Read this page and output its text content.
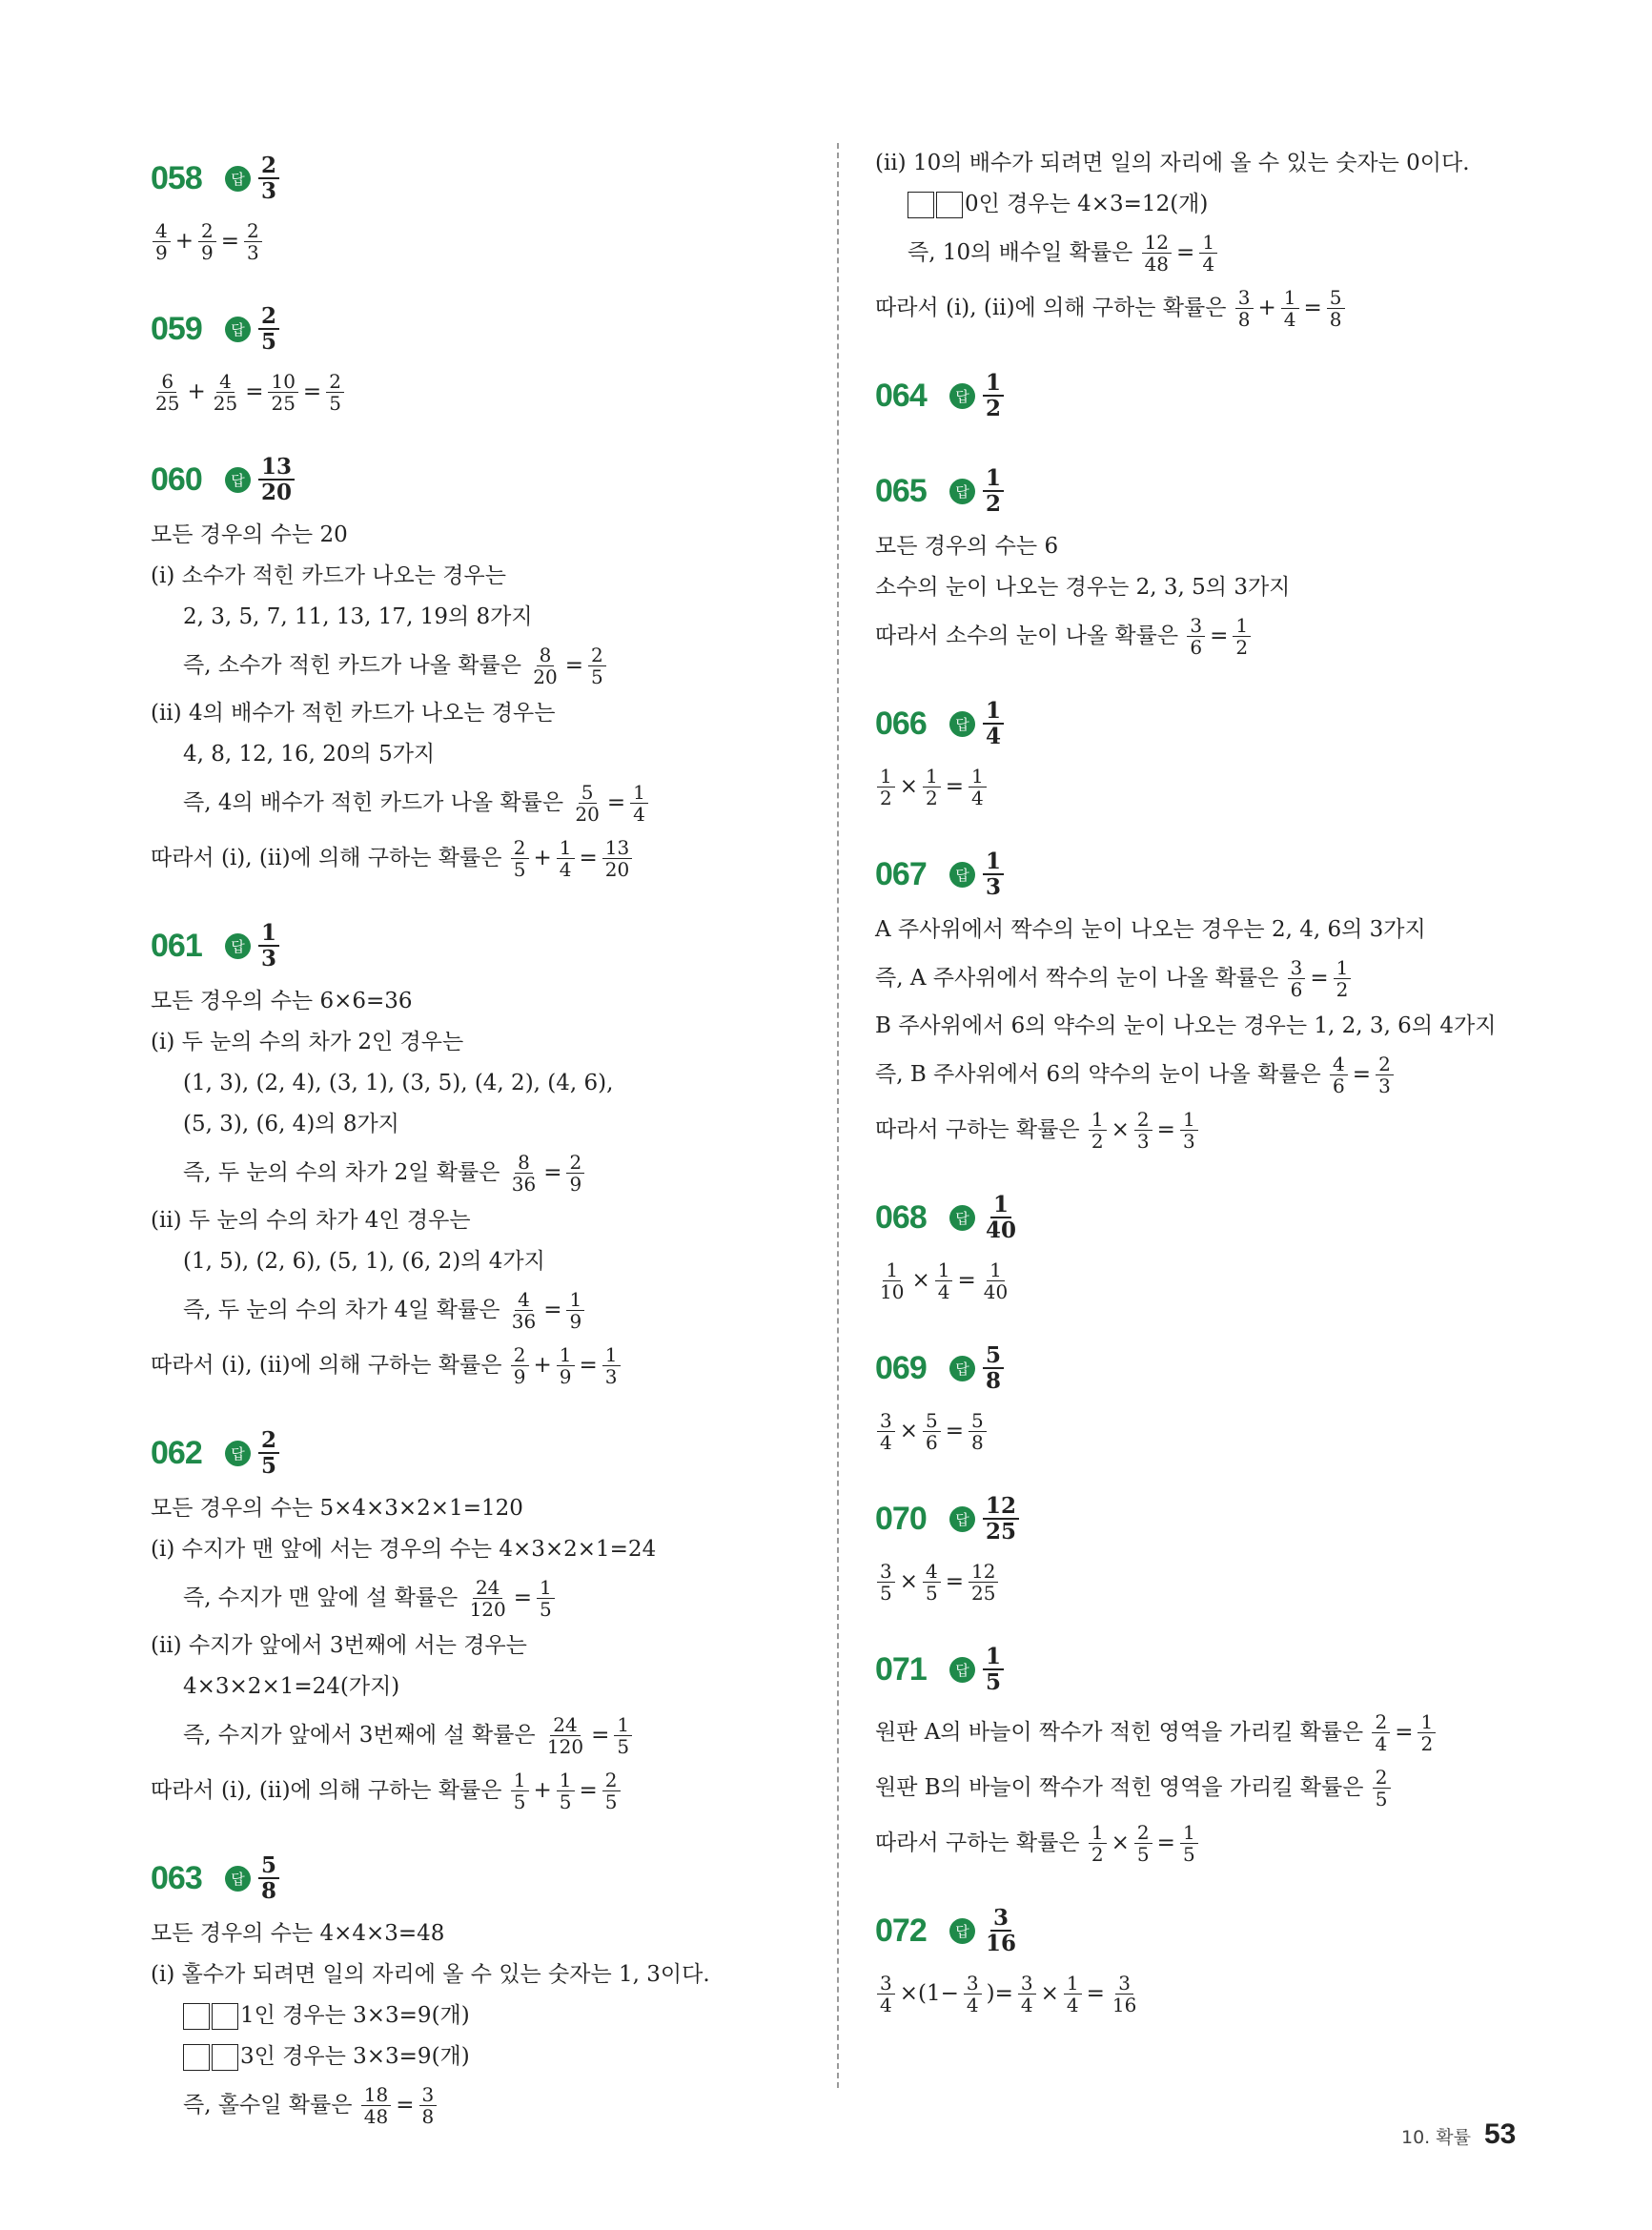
058	답 $\frac{2}{3}$
$\frac{4}{9} + \frac{2}{9} = \frac{2}{3}$
059	답 $\frac{2}{5}$
$\frac{6}{25} + \frac{4}{25} = \frac{10}{25} = \frac{2}{5}$
060	답 $\frac{13}{20}$
모든 경우의 수는 20
(ⅰ) 소수가 적힌 카드가 나오는 경우는
2, 3, 5, 7, 11, 13, 17, 19의 8가지
즉, 소수가 적힌 카드가 나올 확률은 $\frac{8}{20} = \frac{2}{5}$
(ⅱ) 4의 배수가 적힌 카드가 나오는 경우는
4, 8, 12, 16, 20의 5가지
즉, 4의 배수가 적힌 카드가 나올 확률은 $\frac{5}{20} = \frac{1}{4}$
따라서 (ⅰ), (ⅱ)에 의해 구하는 확률은 $\frac{2}{5} + \frac{1}{4} = \frac{13}{20}$
061	답 $\frac{1}{3}$
모든 경우의 수는 6×6=36
(ⅰ) 두 눈의 수의 차가 2인 경우는
(1, 3), (2, 4), (3, 1), (3, 5), (4, 2), (4, 6),
(5, 3), (6, 4)의 8가지
즉, 두 눈의 수의 차가 2일 확률은 $\frac{8}{36} = \frac{2}{9}$
(ⅱ) 두 눈의 수의 차가 4인 경우는
(1, 5), (2, 6), (5, 1), (6, 2)의 4가지
즉, 두 눈의 수의 차가 4일 확률은 $\frac{4}{36} = \frac{1}{9}$
따라서 (ⅰ), (ⅱ)에 의해 구하는 확률은 $\frac{2}{9} + \frac{1}{9} = \frac{1}{3}$
062	답 $\frac{2}{5}$
모든 경우의 수는 5×4×3×2×1=120
(ⅰ) 수지가 맨 앞에 서는 경우의 수는 4×3×2×1=24
즉, 수지가 맨 앞에 설 확률은 $\frac{24}{120} = \frac{1}{5}$
(ⅱ) 수지가 앞에서 3번째에 서는 경우는
4×3×2×1=24(가지)
즉, 수지가 앞에서 3번째에 설 확률은 $\frac{24}{120} = \frac{1}{5}$
따라서 (ⅰ), (ⅱ)에 의해 구하는 확률은 $\frac{1}{5} + \frac{1}{5} = \frac{2}{5}$
063	답 $\frac{5}{8}$
모든 경우의 수는 4×4×3=48
(ⅰ) 홀수가 되려면 일의 자리에 올 수 있는 숫자는 1, 3이다.
1인 경우는 3×3=9(개)
3인 경우는 3×3=9(개)
즉, 홀수일 확률은 $\frac{18}{48} = \frac{3}{8}$
(ⅱ) 10의 배수가 되려면 일의 자리에 올 수 있는 숫자는 0이다.
0인 경우는 4×3=12(개)
즉, 10의 배수일 확률은 $\frac{12}{48} = \frac{1}{4}$
따라서 (ⅰ), (ⅱ)에 의해 구하는 확률은 $\frac{3}{8} + \frac{1}{4} = \frac{5}{8}$
064	답 $\frac{1}{2}$
065	답 $\frac{1}{2}$
모든 경우의 수는 6
소수의 눈이 나오는 경우는 2, 3, 5의 3가지
따라서 소수의 눈이 나올 확률은 $\frac{3}{6} = \frac{1}{2}$
066	답 $\frac{1}{4}$
$\frac{1}{2} \times \frac{1}{2} = \frac{1}{4}$
067	답 $\frac{1}{3}$
A 주사위에서 짝수의 눈이 나오는 경우는 2, 4, 6의 3가지
즉, A 주사위에서 짝수의 눈이 나올 확률은 $\frac{3}{6} = \frac{1}{2}$
B 주사위에서 6의 약수의 눈이 나오는 경우는 1, 2, 3, 6의 4가지
즉, B 주사위에서 6의 약수의 눈이 나올 확률은 $\frac{4}{6} = \frac{2}{3}$
따라서 구하는 확률은 $\frac{1}{2} \times \frac{2}{3} = \frac{1}{3}$
068	답 $\frac{1}{40}$
$\frac{1}{10} \times \frac{1}{4} = \frac{1}{40}$
069	답 $\frac{5}{8}$
$\frac{3}{4} \times \frac{5}{6} = \frac{5}{8}$
070	답 $\frac{12}{25}$
$\frac{3}{5} \times \frac{4}{5} = \frac{12}{25}$
071	답 $\frac{1}{5}$
원판 A의 바늘이 짝수가 적힌 영역을 가리킬 확률은 $\frac{2}{4} = \frac{1}{2}$
원판 B의 바늘이 짝수가 적힌 영역을 가리킬 확률은 $\frac{2}{5}$
따라서 구하는 확률은 $\frac{1}{2} \times \frac{2}{5} = \frac{1}{5}$
072	답 $\frac{3}{16}$
$\frac{3}{4} \times(1- \frac{3}{4}$ )= $\frac{3}{4} \times \frac{1}{4} = \frac{3}{16}$
10. 확률 53
